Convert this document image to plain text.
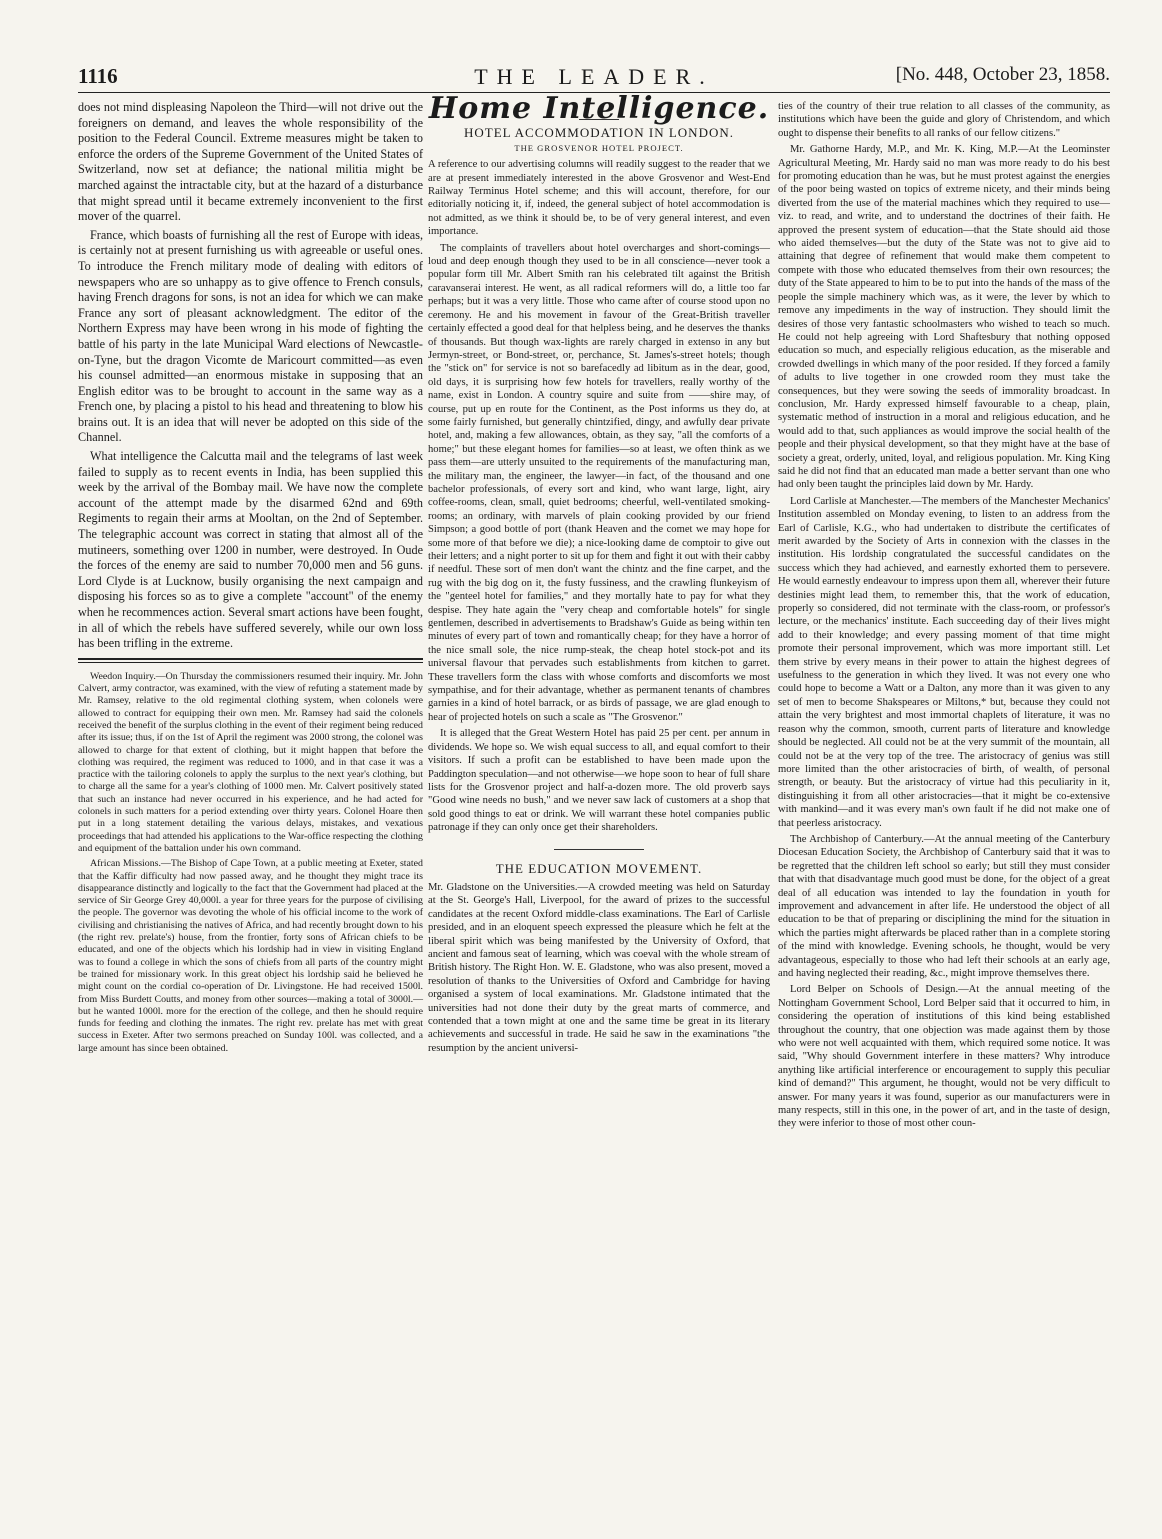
1116	THE LEADER.	[No. 448, October 23, 1858.

does not mind displeasing Napoleon the Third—will not drive out the foreigners on demand, and leaves the whole responsibility of the position to the Federal Council. Extreme measures might be taken to enforce the orders of the Supreme Government of the United States of Switzerland, now set at defiance; the national militia might be marched against the intractable city, but at the hazard of a disturbance that might spread until it became extremely inconvenient to the first mover of the quarrel.

France, which boasts of furnishing all the rest of Europe with ideas, is certainly not at present furnishing us with agreeable or useful ones. To introduce the French military mode of dealing with editors of newspapers who are so unhappy as to give offence to French consuls, having French dragons for sons, is not an idea for which we can make France any sort of pleasant acknowledgment. The editor of the Northern Express may have been wrong in his mode of fighting the battle of his party in the late Municipal Ward elections of Newcastle-on-Tyne, but the dragon Vicomte de Maricourt committed—as even his counsel admitted—an enormous mistake in supposing that an English editor was to be brought to account in the same way as a French one, by placing a pistol to his head and threatening to blow his brains out. It is an idea that will never be adopted on this side of the Channel.

What intelligence the Calcutta mail and the telegrams of last week failed to supply as to recent events in India, has been supplied this week by the arrival of the Bombay mail. We have now the complete account of the attempt made by the disarmed 62nd and 69th Regiments to regain their arms at Mooltan, on the 2nd of September. The telegraphic account was correct in stating that almost all of the mutineers, something over 1200 in number, were destroyed. In Oude the forces of the enemy are said to number 70,000 men and 56 guns. Lord Clyde is at Lucknow, busily organising the next campaign and disposing his forces so as to give a complete "account" of the enemy when he recommences action. Several smart actions have been fought, in all of which the rebels have suffered severely, while our own loss has been trifling in the extreme.

Weedon Inquiry.—On Thursday the commissioners resumed their inquiry. Mr. John Calvert, army contractor, was examined, with the view of refuting a statement made by Mr. Ramsey, relative to the old regimental clothing system, when colonels were allowed to contract for equipping their own men. Mr. Ramsey had said the colonels received the benefit of the surplus clothing in the event of their regiment being reduced after its issue; thus, if on the 1st of April the regiment was 2000 strong, the colonel was allowed to charge for that extent of clothing, but it might happen that before the clothing was required, the regiment was reduced to 1000, and in that case it was a practice with the tailoring colonels to apply the surplus to the next year's clothing, but to charge all the same for a year's clothing of 1000 men. Mr. Calvert positively stated that such an instance had never occurred in his experience, and he had acted for colonels in such matters for a period extending over thirty years. Colonel Hoare then put in a long statement detailing the various delays, mistakes, and vexatious proceedings that had attended his applications to the War-office respecting the clothing and equipment of the battalion under his own command.

African Missions.—The Bishop of Cape Town, at a public meeting at Exeter, stated that the Kaffir difficulty had now passed away, and he thought they might trace its disappearance distinctly and logically to the fact that the Government had placed at the service of Sir George Grey 40,000l. a year for three years for the purpose of civilising the people. The governor was devoting the whole of his official income to the work of civilising and christianising the natives of Africa, and had recently brought down to his (the right rev. prelate's) house, from the frontier, forty sons of African chiefs to be educated, and one of the objects which his lordship had in view in visiting England was to found a college in which the sons of chiefs from all parts of the country might be trained for missionary work. In this great object his lordship said he believed he might count on the cordial co-operation of Dr. Livingstone. He had received 1500l. from Miss Burdett Coutts, and money from other sources—making a total of 3000l.—but he wanted 1000l. more for the erection of the college, and then he should require funds for feeding and clothing the inmates. The right rev. prelate has met with great success in Exeter. After two sermons preached on Sunday 100l. was collected, and a large amount has since been obtained.

Home Intelligence.
HOTEL ACCOMMODATION IN LONDON.
THE GROSVENOR HOTEL PROJECT.

A reference to our advertising columns will readily suggest to the reader that we are at present immediately interested in the above Grosvenor and West-End Railway Terminus Hotel scheme; and this will account, therefore, for our editorially noticing it, if, indeed, the general subject of hotel accommodation is not admitted, as we think it should be, to be of very general interest, and even importance.

The complaints of travellers about hotel overcharges and short-comings—loud and deep enough though they used to be in all conscience—never took a popular form till Mr. Albert Smith ran his celebrated tilt against the British caravanserai interest. He went, as all radical reformers will do, a little too far perhaps; but it was a very little. Those who came after of course stood upon no ceremony. He and his movement in favour of the Great-British traveller certainly effected a good deal for that helpless being, and he deserves the thanks of thousands. But though wax-lights are rarely charged in extenso in any but Jermyn-street, or Bond-street, or, perchance, St. James's-street hotels; though the "stick on" for service is not so barefacedly ad libitum as in the dear, good, old days, it is surprising how few hotels for travellers, really worthy of the name, exist in London. A country squire and suite from ——shire may, of course, put up en route for the Continent, as the Post informs us they do, at some fairly furnished, but generally chintzified, dingy, and awfully dear private hotel, and, making a few allowances, obtain, as they say, "all the comforts of a home;" but these elegant homes for families—so at least, we often think as we pass them—are utterly unsuited to the requirements of the manufacturing man, the military man, the engineer, the lawyer—in fact, of the thousand and one bachelor professionals, of every sort and kind, who want large, light, airy coffee-rooms, clean, small, quiet bedrooms; cheerful, well-ventilated smoking-rooms; an ordinary, with marvels of plain cooking provided by our friend Simpson; a good bottle of port (thank Heaven and the comet we may hope for some more of that before we die); a nice-looking dame de comptoir to give out their letters; and a night porter to sit up for them and fight it out with their cabby if needful. These sort of men don't want the chintz and the fine carpet, and the rug with the big dog on it, the fusty fussiness, and the crawling flunkeyism of the "genteel hotel for families," and they mortally hate to pay for what they despise. They hate again the "very cheap and comfortable hotels" for single gentlemen, described in advertisements to Bradshaw's Guide as being within ten minutes of every part of town and romantically cheap; for they have a horror of the nice small sole, the nice rump-steak, the cheap hotel stock-pot and its universal flavour that pervades such establishments from kitchen to garret. These travellers form the class with whose comforts and discomforts we most sympathise, and for their advantage, whether as permanent tenants of chambres garnies in a kind of hotel barrack, or as birds of passage, we are glad enough to hear of projected hotels on such a scale as "The Grosvenor."

It is alleged that the Great Western Hotel has paid 25 per cent. per annum in dividends. We hope so. We wish equal success to all, and equal comfort to their visitors. If such a profit can be established to have been made upon the Paddington speculation—and not otherwise—we hope soon to hear of full share lists for the Grosvenor project and half-a-dozen more. The old proverb says "Good wine needs no bush," and we never saw lack of customers at a shop that sold good things to eat or drink. We will warrant these hotel companies public patronage if they can only once get their shareholders.

THE EDUCATION MOVEMENT.

Mr. Gladstone on the Universities.—A crowded meeting was held on Saturday at the St. George's Hall, Liverpool, for the award of prizes to the successful candidates at the recent Oxford middle-class examinations. The Earl of Carlisle presided, and in an eloquent speech expressed the pleasure which he felt at the liberal spirit which was being manifested by the University of Oxford, that ancient and famous seat of learning, which was coeval with the whole stream of British history. The Right Hon. W. E. Gladstone, who was also present, moved a resolution of thanks to the Universities of Oxford and Cambridge for having organised a system of local examinations. Mr. Gladstone intimated that the universities had not done their duty by the great marts of commerce, and contended that a town might at one and the same time be great in its literary achievements and successful in trade. He said he saw in the examinations "the resumption by the ancient universi-

ties of the country of their true relation to all classes of the community, as institutions which have been the guide and glory of Christendom, and which ought to dispense their benefits to all ranks of our fellow citizens."

Mr. Gathorne Hardy, M.P., and Mr. K. King, M.P.—At the Leominster Agricultural Meeting, Mr. Hardy said no man was more ready to do his best for promoting education than he was, but he must protest against the energies of the poor being wasted on topics of extreme nicety, and their minds being diverted from the use of the material machines which they required to use—viz. to read, and write, and to understand the doctrines of their faith. He approved the present system of education—that the State should aid those who aided themselves—but the duty of the State was not to give aid to attaining that degree of refinement that would make them competent to compete with those who educated themselves from their own resources; the duty of the State appeared to him to be to put into the hands of the mass of the people the simple machinery which was, as it were, the lever by which to remove any impediments in the way of instruction. They should limit the desires of those very fantastic schoolmasters who wished to teach so much. He could not help agreeing with Lord Shaftesbury that nothing opposed education so much, and especially religious education, as the miserable and crowded dwellings in which many of the poor resided. If they forced a family of adults to live together in one crowded room they must take the consequences, but they were sowing the seeds of immorality broadcast. In conclusion, Mr. Hardy expressed himself favourable to a cheap, plain, systematic method of instruction in a moral and religious education, and he would add to that, such appliances as would improve the social health of the people and their physical development, so that they might have at the base of society a great, orderly, united, loyal, and religious population. Mr. King King said he did not find that an educated man made a better servant than one who had only been taught the principles laid down by Mr. Hardy.

Lord Carlisle at Manchester.—The members of the Manchester Mechanics' Institution assembled on Monday evening, to listen to an address from the Earl of Carlisle, K.G., who had undertaken to distribute the certificates of merit awarded by the Society of Arts in connexion with the classes in the institution. His lordship congratulated the successful candidates on the success which they had achieved, and earnestly exhorted them to persevere. He would earnestly endeavour to impress upon them all, wherever their future destinies might lead them, to remember this, that the work of education, properly so considered, did not terminate with the class-room, or professor's lecture, or the mechanics' institute. Each succeeding day of their lives might add to their knowledge; and every passing moment of that time might promote their personal improvement, which was more important still. Let them strive by every means in their power to attain the highest degrees of usefulness to the generation in which they lived. It was not every one who could hope to become a Watt or a Dalton, any more than it was given to any set of men to become Shakspeares or Miltons,* but, because they could not attain the very brightest and most immortal chaplets of literature, it was no reason why the common, smooth, current parts of literature and knowledge should be neglected. All could not be at the very summit of the mountain, all could not be at the very top of the tree. The aristocracy of genius was still more limited than the other aristocracies of birth, of wealth, of personal strength, or beauty. But the aristocracy of virtue had this peculiarity in it, distinguishing it from all other aristocracies—that it might be co-extensive with mankind—and it was every man's own fault if he did not make one of that peerless aristocracy.

The Archbishop of Canterbury.—At the annual meeting of the Canterbury Diocesan Education Society, the Archbishop of Canterbury said that it was to be regretted that the children left school so early; but still they must consider that with that disadvantage much good must be done, for the object of a great deal of all education was intended to lay the foundation in youth for improvement and advancement in after life. He understood the object of all education to be that of preparing or disciplining the mind for the situation in which the parties might afterwards be placed rather than in a complete storing of the mind with knowledge. Evening schools, he thought, would be very advantageous, especially to those who had left their schools at an early age, and having neglected their reading, &c., might improve themselves there.

Lord Belper on Schools of Design.—At the annual meeting of the Nottingham Government School, Lord Belper said that it occurred to him, in considering the operation of institutions of this kind being established throughout the country, that one objection was made against them by those who were not well acquainted with them, which required some notice. It was said, "Why should Government interfere in these matters? Why introduce anything like artificial interference or encouragement to supply this peculiar kind of demand?" This argument, he thought, would not be very difficult to answer. For many years it was found, superior as our manufacturers were in many respects, still in this one, in the power of art, and in the taste of design, they were inferior to those of most other coun-
